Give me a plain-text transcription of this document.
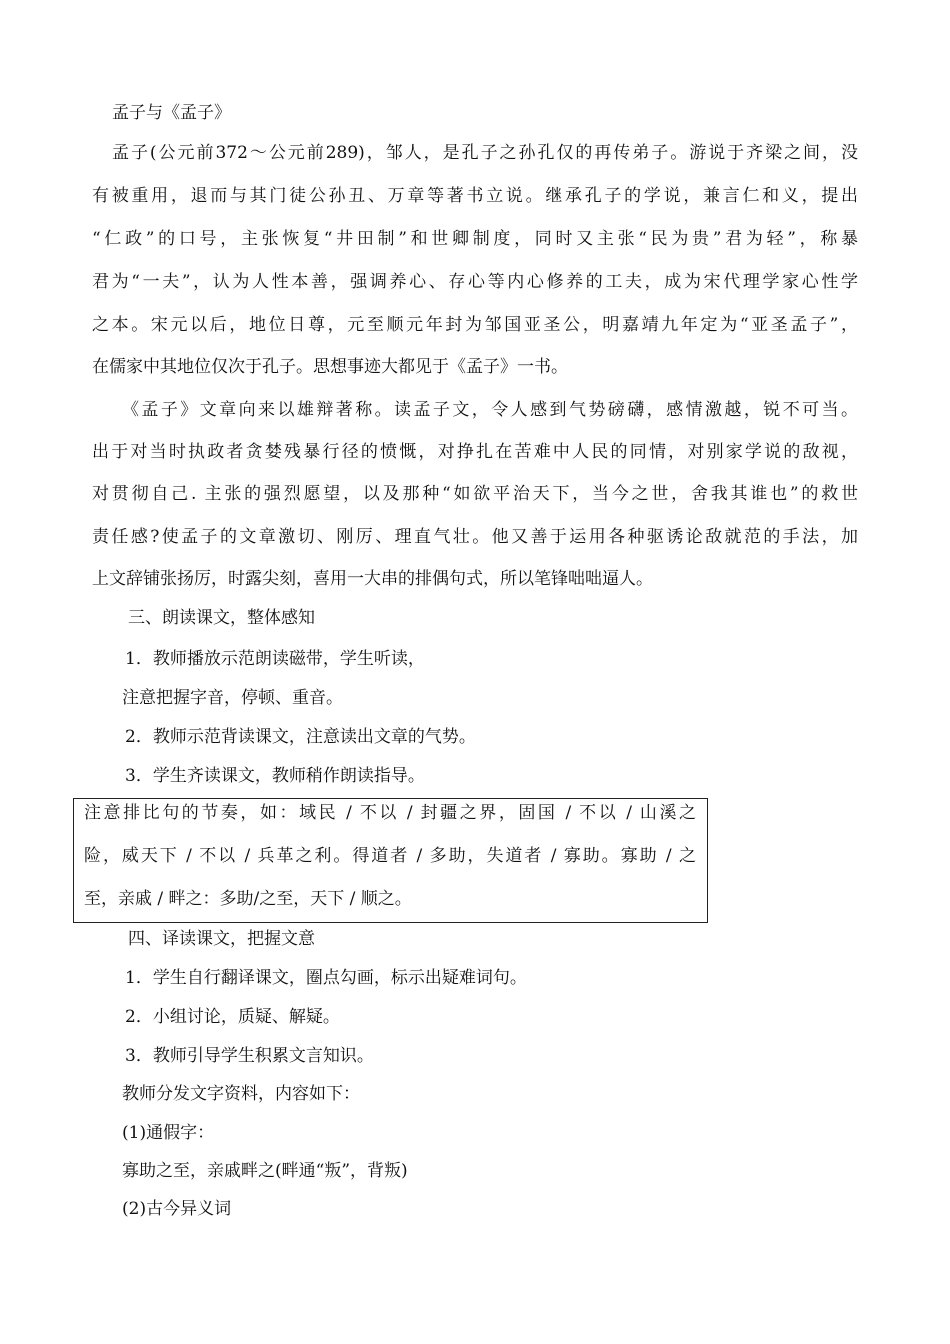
孟子与《孟子》
孟子(公元前372～公元前289)，邹人，是孔子之孙孔仅的再传弟子。游说于齐梁之间，没
有被重用，退而与其门徒公孙丑、万章等著书立说。继承孔子的学说，兼言仁和义，提出
“仁政”的口号，主张恢复“井田制”和世卿制度，同时又主张“民为贵”君为轻”，称暴
君为“一夫”，认为人性本善，强调养心、存心等内心修养的工夫，成为宋代理学家心性学
之本。宋元以后，地位日尊，元至顺元年封为邹国亚圣公，明嘉靖九年定为“亚圣孟子”，
在儒家中其地位仅次于孔子。思想事迹大都见于《孟子》一书。
《孟子》文章向来以雄辩著称。读孟子文，令人感到气势磅礴，感情激越，锐不可当。
出于对当时执政者贪婪残暴行径的愤慨，对挣扎在苦难中人民的同情，对别家学说的敌视，
对贯彻自己. 主张的强烈愿望，以及那种“如欲平治天下，当今之世，舍我其谁也”的救世
责任感?使孟子的文章激切、刚厉、理直气壮。他又善于运用各种驱诱论敌就范的手法，加
上文辞铺张扬厉，时露尖刻，喜用一大串的排偶句式，所以笔锋咄咄逼人。
三、朗读课文，整体感知
1．教师播放示范朗读磁带，学生听读，
注意把握字音，停顿、重音。
2．教师示范背读课文，注意读出文章的气势。
3．学生齐读课文，教师稍作朗读指导。
注意排比句的节奏，如：域民 / 不以 / 封疆之界，固国 / 不以 / 山溪之
险，威天下 / 不以 / 兵革之利。得道者 / 多助，失道者 / 寡助。寡助 / 之
至，亲戚 / 畔之：多助/之至，天下 / 顺之。
四、译读课文，把握文意
1．学生自行翻译课文，圈点勾画，标示出疑难词句。
2．小组讨论，质疑、解疑。
3．教师引导学生积累文言知识。
教师分发文字资料，内容如下：
(1)通假字：
寡助之至，亲戚畔之(畔通“叛”，背叛)
(2)古今异义词
